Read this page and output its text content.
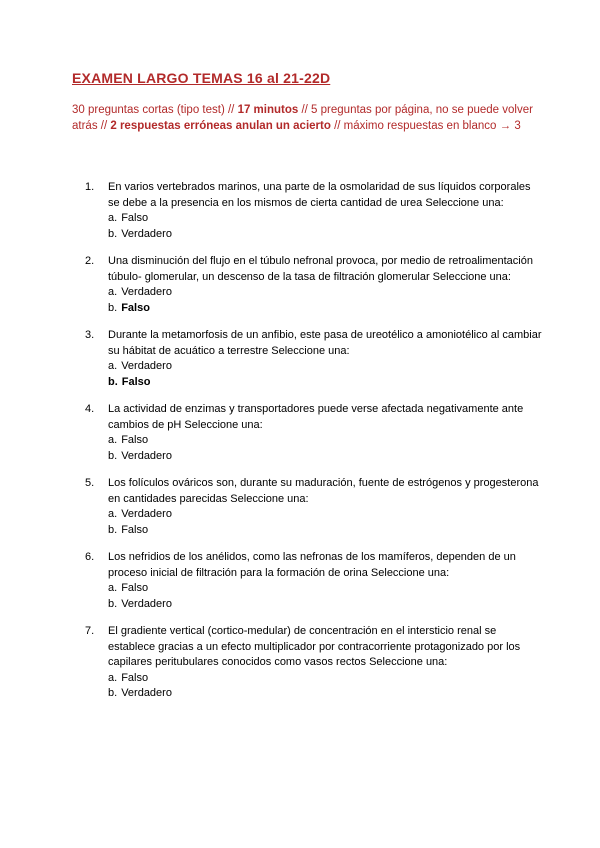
EXAMEN LARGO TEMAS 16 al 21-22D

30 preguntas cortas (tipo test) // 17 minutos // 5 preguntas por página, no se puede volver atrás // 2 respuestas erróneas anulan un acierto // máximo respuestas en blanco → 3

1. En varios vertebrados marinos, una parte de la osmolaridad de sus líquidos corporales se debe a la presencia en los mismos de cierta cantidad de urea Seleccione una:
a. Falso
b. Verdadero
2. Una disminución del flujo en el túbulo nefronal provoca, por medio de retroalimentación túbulo- glomerular, un descenso de la tasa de filtración glomerular Seleccione una:
a. Verdadero
b. Falso
3. Durante la metamorfosis de un anfibio, este pasa de ureotélico a amoniotélico al cambiar su hábitat de acuático a terrestre Seleccione una:
a. Verdadero
b. Falso
4. La actividad de enzimas y transportadores puede verse afectada negativamente ante cambios de pH Seleccione una:
a. Falso
b. Verdadero
5. Los folículos ováricos son, durante su maduración, fuente de estrógenos y progesterona en cantidades parecidas Seleccione una:
a. Verdadero
b. Falso
6. Los nefridios de los anélidos, como las nefronas de los mamíferos, dependen de un proceso inicial de filtración para la formación de orina Seleccione una:
a. Falso
b. Verdadero
7. El gradiente vertical (cortico-medular) de concentración en el intersticio renal se establece gracias a un efecto multiplicador por contracorriente protagonizado por los capilares peritubulares conocidos como vasos rectos Seleccione una:
a. Falso
b. Verdadero
